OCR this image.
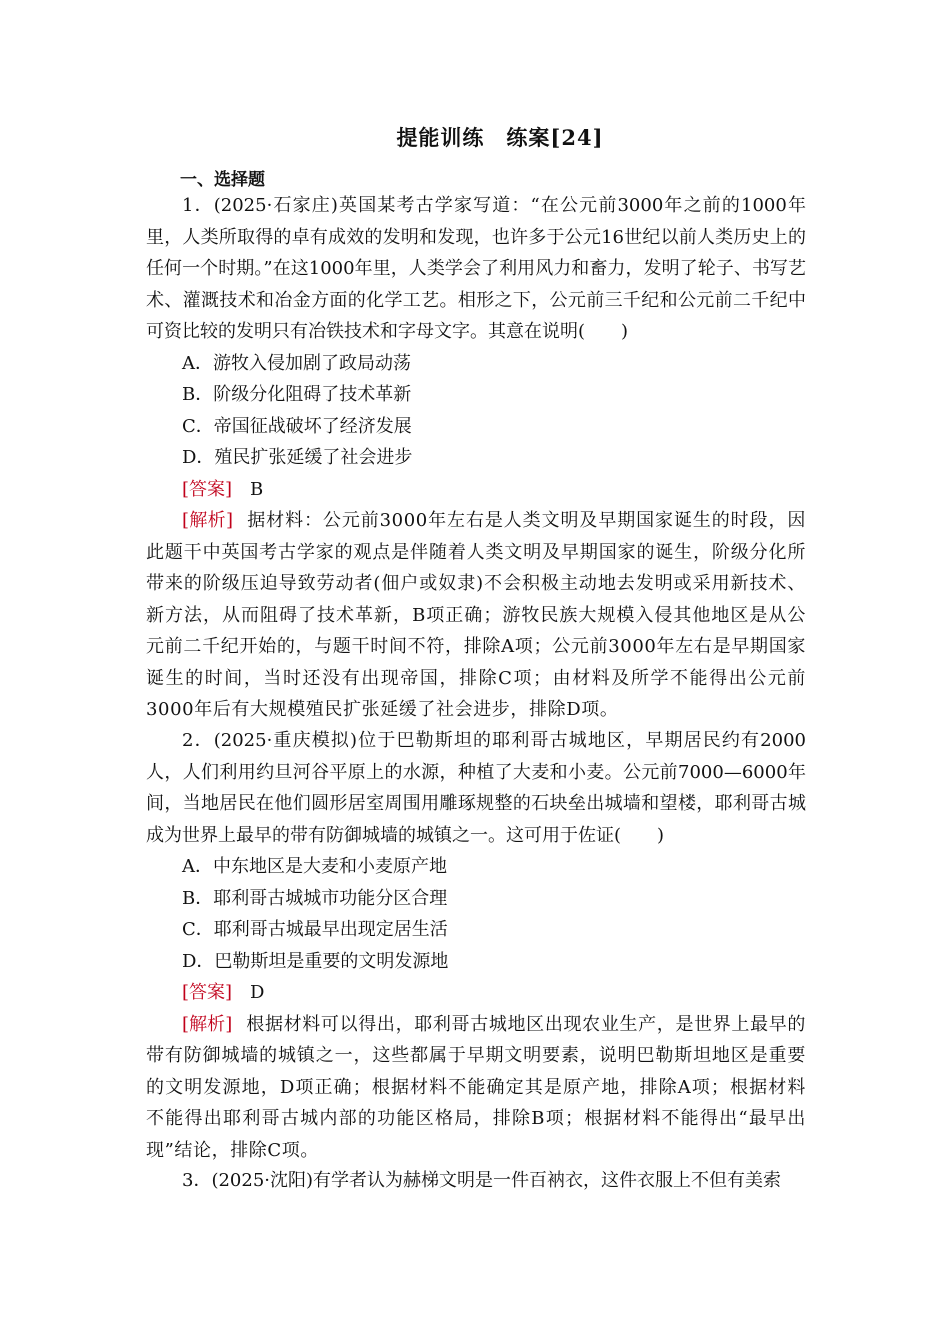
提能训练　练案[24]
一、选择题

1．(2025·石家庄)英国某考古学家写道：“在公元前3000年之前的1000年里，人类所取得的卓有成效的发明和发现，也许多于公元16世纪以前人类历史上的任何一个时期。”在这1000年里，人类学会了利用风力和畜力，发明了轮子、书写艺术、灌溉技术和冶金方面的化学工艺。相形之下，公元前三千纪和公元前二千纪中可资比较的发明只有冶铁技术和字母文字。其意在说明(　　)

A．游牧入侵加剧了政局动荡
B．阶级分化阻碍了技术革新
C．帝国征战破坏了经济发展
D．殖民扩张延缓了社会进步
[答案] B

[解析] 据材料：公元前3000年左右是人类文明及早期国家诞生的时段，因此题干中英国考古学家的观点是伴随着人类文明及早期国家的诞生，阶级分化所带来的阶级压迫导致劳动者(佃户或奴隶)不会积极主动地去发明或采用新技术、新方法，从而阻碍了技术革新，B项正确；游牧民族大规模入侵其他地区是从公元前二千纪开始的，与题干时间不符，排除A项；公元前3000年左右是早期国家诞生的时间，当时还没有出现帝国，排除C项；由材料及所学不能得出公元前3000年后有大规模殖民扩张延缓了社会进步，排除D项。

2．(2025·重庆模拟)位于巴勒斯坦的耶利哥古城地区，早期居民约有2000人，人们利用约旦河谷平原上的水源，种植了大麦和小麦。公元前7000—6000年间，当地居民在他们圆形居室周围用雕琢规整的石块垒出城墙和望楼，耶利哥古城成为世界上最早的带有防御城墙的城镇之一。这可用于佐证(　　)

A．中东地区是大麦和小麦原产地
B．耶利哥古城城市功能分区合理
C．耶利哥古城最早出现定居生活
D．巴勒斯坦是重要的文明发源地
[答案] D

[解析] 根据材料可以得出，耶利哥古城地区出现农业生产，是世界上最早的带有防御城墙的城镇之一，这些都属于早期文明要素，说明巴勒斯坦地区是重要的文明发源地，D项正确；根据材料不能确定其是原产地，排除A项；根据材料不能得出耶利哥古城内部的功能区格局，排除B项；根据材料不能得出“最早出现”结论，排除C项。

3．(2025·沈阳)有学者认为赫梯文明是一件百衲衣，这件衣服上不但有美索
